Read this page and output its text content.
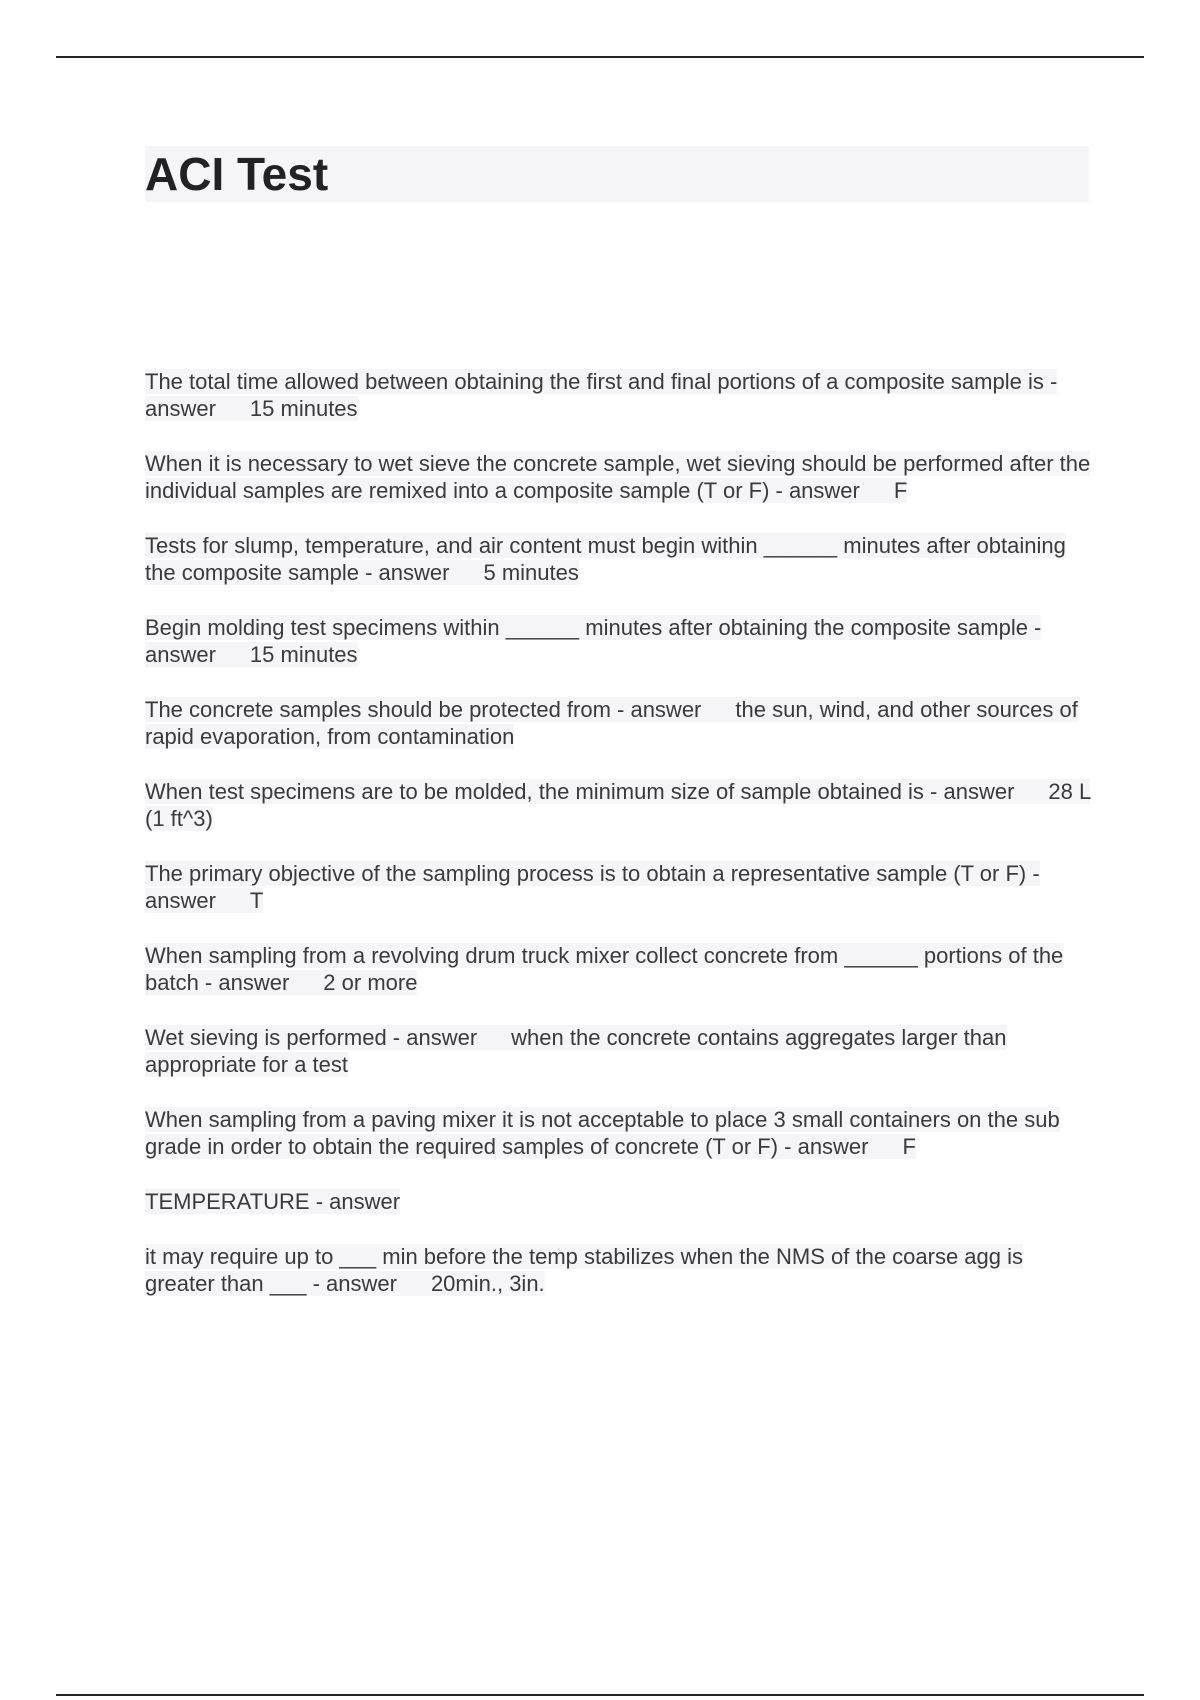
ACI Test

The total time allowed between obtaining the first and final portions of a composite sample is - answer 15 minutes

When it is necessary to wet sieve the concrete sample, wet sieving should be performed after the individual samples are remixed into a composite sample (T or F) - answer F

Tests for slump, temperature, and air content must begin within ______ minutes after obtaining the composite sample - answer 5 minutes

Begin molding test specimens within ______ minutes after obtaining the composite sample - answer 15 minutes

The concrete samples should be protected from - answer the sun, wind, and other sources of rapid evaporation, from contamination

When test specimens are to be molded, the minimum size of sample obtained is - answer 28 L (1 ft^3)

The primary objective of the sampling process is to obtain a representative sample (T or F) - answer T

When sampling from a revolving drum truck mixer collect concrete from ______ portions of the batch - answer 2 or more

Wet sieving is performed - answer when the concrete contains aggregates larger than appropriate for a test

When sampling from a paving mixer it is not acceptable to place 3 small containers on the sub grade in order to obtain the required samples of concrete (T or F) - answer F

TEMPERATURE - answer

it may require up to ___ min before the temp stabilizes when the NMS of the coarse agg is greater than ___ - answer 20min., 3in.
